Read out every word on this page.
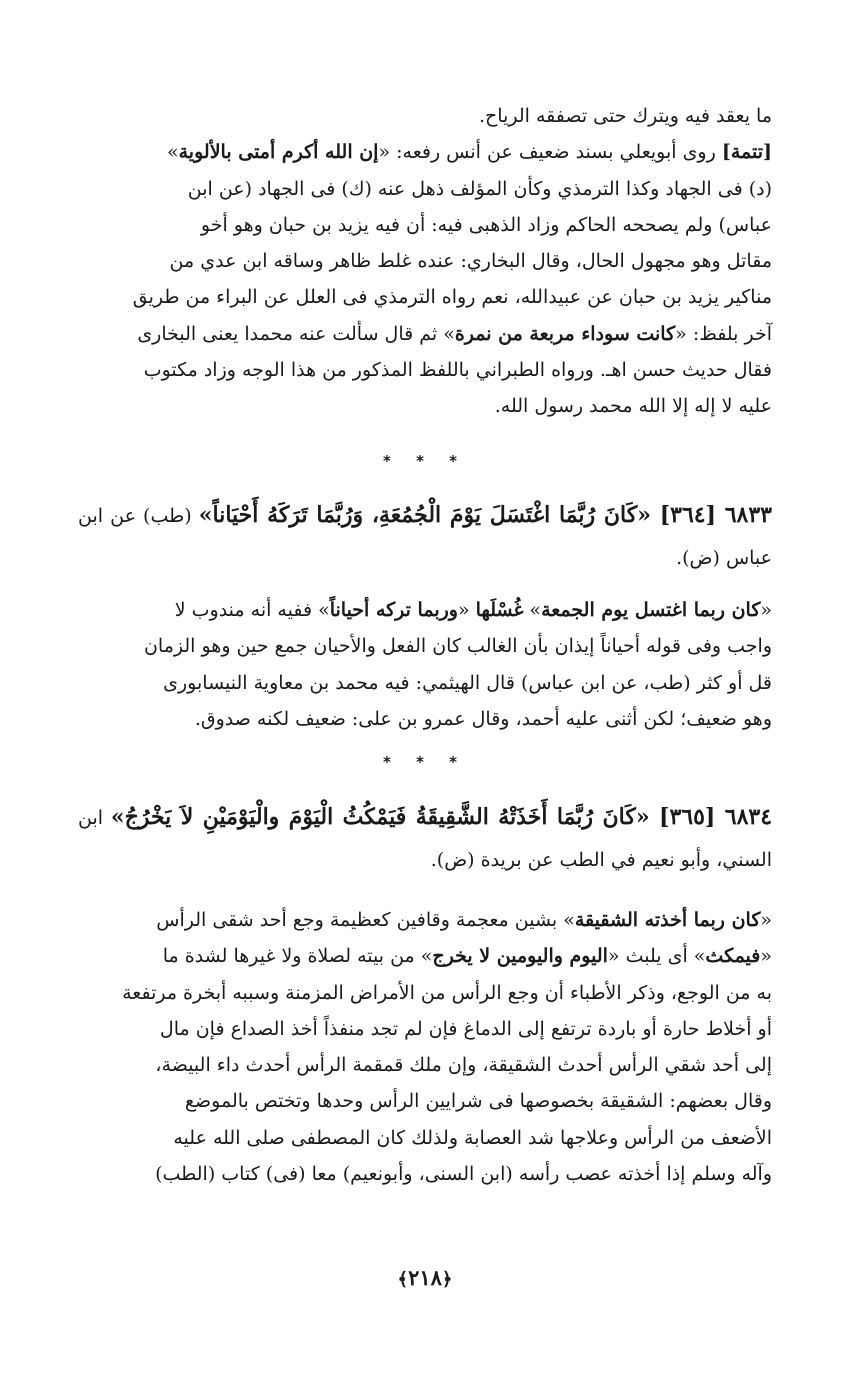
ما يعقد فيه ويترك حتى تصفقه الرياح.

[تتمة] روى أبويعلي بسند ضعيف عن أنس رفعه: «إن الله أكرم أمتى بالألوية»

(د) فى الجهاد وكذا الترمذي وكأن المؤلف ذهل عنه (ك) فى الجهاد (عن ابن

عباس) ولم يصححه الحاكم وزاد الذهبى فيه: أن فيه يزيد بن حبان وهو أخو

مقاتل وهو مجهول الحال، وقال البخاري: عنده غلط ظاهر وساقه ابن عدي من

مناكير يزيد بن حبان عن عبيدالله، نعم رواه الترمذي فى العلل عن البراء من طريق

آخر بلفظ: «كانت سوداء مربعة من نمرة» ثم قال سألت عنه محمدا يعنى البخارى

فقال حديث حسن اهـ. ورواه الطبراني باللفظ المذكور من هذا الوجه وزاد مكتوب

عليه لا إله إلا الله محمد رسول الله.

* * *

٦٨٣٣ [٣٦٤] «كَانَ رُبَّمَا اغْتَسَلَ يَوْمَ الْجُمُعَةِ، وَرُبَّمَا تَرَكَهُ أَحْيَاناً» (طب) عن ابن عباس (ض).

«كان ربما اغتسل يوم الجمعة» غُسْلَها «وربما تركه أحياناً» ففيه أنه مندوب لا

واجب وفى قوله أحياناً إيذان بأن الغالب كان الفعل والأحيان جمع حين وهو الزمان

قل أو كثر (طب، عن ابن عباس) قال الهيثمي: فيه محمد بن معاوية النيسابورى

وهو ضعيف؛ لكن أثنى عليه أحمد، وقال عمرو بن على: ضعيف لكنه صدوق.

* * *

٦٨٣٤ [٣٦٥] «كَانَ رُبَّمَا أَخَذَتْهُ الشَّقِيقَةُ فَيَمْكُثُ الْيَوْمَ والْيَوْمَيْنِ لاَ يَخْرُجُ» ابن السني، وأبو نعيم في الطب عن بريدة (ض).

«كان ربما أخذته الشقيقة» بشين معجمة وقافين كعظيمة وجع أحد شقى الرأس

«فيمكث» أى يلبث «اليوم واليومين لا يخرج» من بيته لصلاة ولا غيرها لشدة ما

به من الوجع، وذكر الأطباء أن وجع الرأس من الأمراض المزمنة وسببه أبخرة مرتفعة

أو أخلاط حارة أو باردة ترتفع إلى الدماغ فإن لم تجد منفذاً أخذ الصداع فإن مال

إلى أحد شقي الرأس أحدث الشقيقة، وإن ملك قمقمة الرأس أحدث داء البيضة،

وقال بعضهم: الشقيقة بخصوصها فى شرايين الرأس وحدها وتختص بالموضع

الأضعف من الرأس وعلاجها شد العصابة ولذلك كان المصطفى صلى الله عليه

وآله وسلم إذا أخذته عصب رأسه (ابن السنى، وأبونعيم) معا (فى) كتاب (الطب)

﴿٢١٨﴾
